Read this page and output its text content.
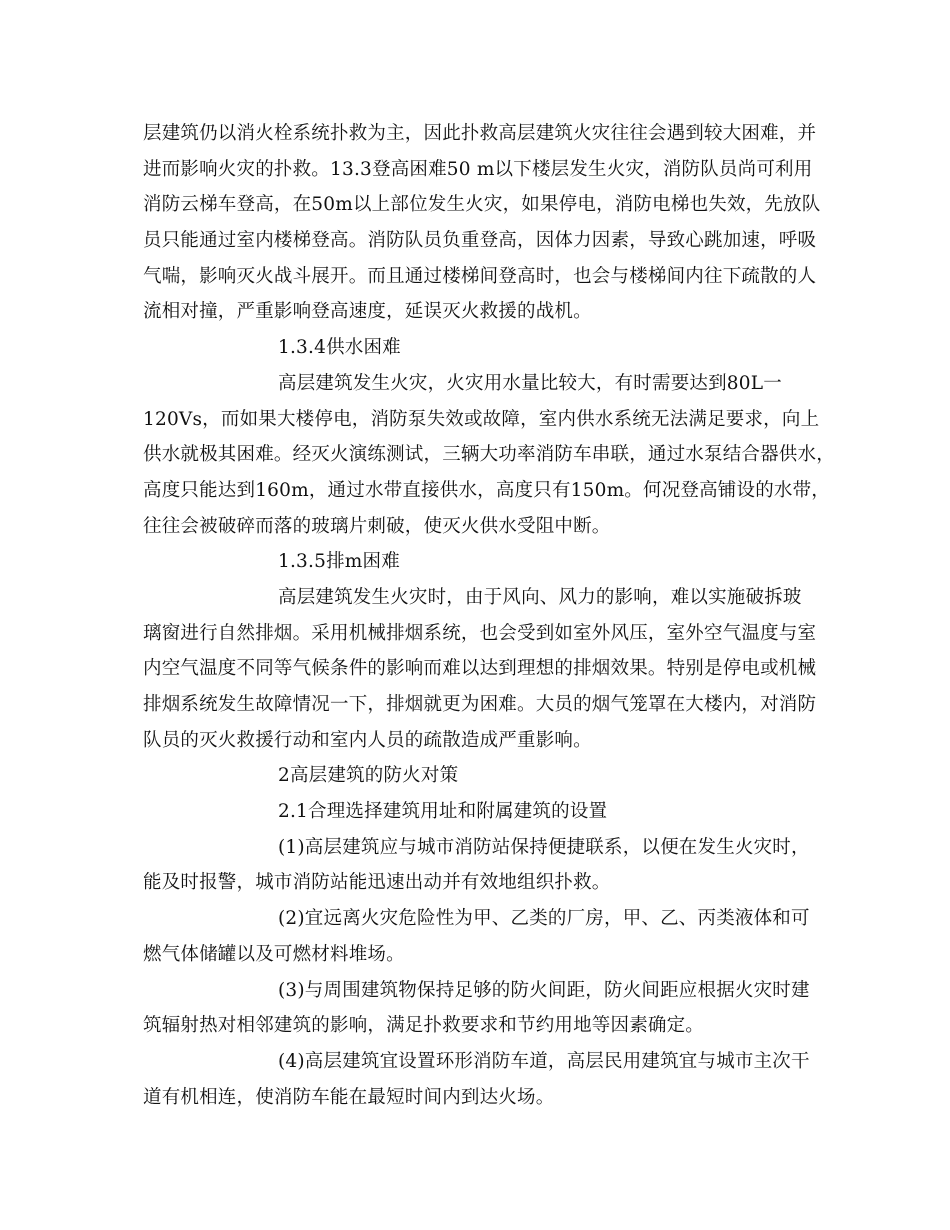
层建筑仍以消火栓系统扑救为主，因此扑救高层建筑火灾往往会遇到较大困难，并
进而影响火灾的扑救。13.3登高困难50 m以下楼层发生火灾，消防队员尚可利用
消防云梯车登高，在50m以上部位发生火灾，如果停电，消防电梯也失效，先放队
员只能通过室内楼梯登高。消防队员负重登高，因体力因素，导致心跳加速，呼吸
气喘，影响灭火战斗展开。而且通过楼梯间登高时，也会与楼梯间内往下疏散的人
流相对撞，严重影响登高速度，延误灭火救援的战机。
1.3.4供水困难
高层建筑发生火灾，火灾用水量比较大，有时需要达到80L一
120Vs，而如果大楼停电，消防泵失效或故障，室内供水系统无法满足要求，向上
供水就极其困难。经灭火演练测试，三辆大功率消防车串联，通过水泵结合器供水，
高度只能达到160m，通过水带直接供水，高度只有150m。何况登高铺设的水带，
往往会被破碎而落的玻璃片刺破，使灭火供水受阻中断。
1.3.5排m困难
高层建筑发生火灾时，由于风向、风力的影响，难以实施破拆玻
璃窗进行自然排烟。采用机械排烟系统，也会受到如室外风压，室外空气温度与室
内空气温度不同等气候条件的影响而难以达到理想的排烟效果。特别是停电或机械
排烟系统发生故障情况一下，排烟就更为困难。大员的烟气笼罩在大楼内，对消防
队员的灭火救援行动和室内人员的疏散造成严重影响。
2高层建筑的防火对策
2.1合理选择建筑用址和附属建筑的设置
(1)高层建筑应与城市消防站保持便捷联系，以便在发生火灾时，
能及时报警，城市消防站能迅速出动并有效地组织扑救。
(2)宜远离火灾危险性为甲、乙类的厂房，甲、乙、丙类液体和可
燃气体储罐以及可燃材料堆场。
(3)与周围建筑物保持足够的防火间距，防火间距应根据火灾时建
筑辐射热对相邻建筑的影响，满足扑救要求和节约用地等因素确定。
(4)高层建筑宜设置环形消防车道，高层民用建筑宜与城市主次干
道有机相连，使消防车能在最短时间内到达火场。
